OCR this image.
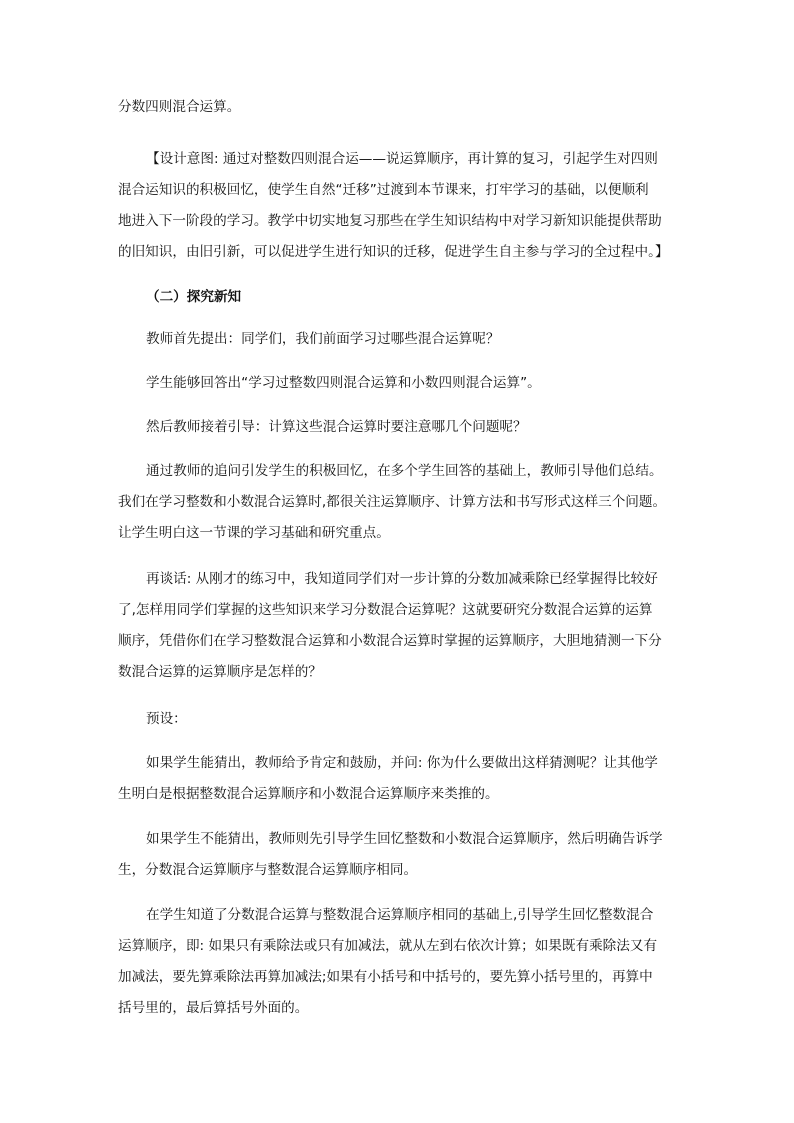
分数四则混合运算。

【设计意图: 通过对整数四则混合运——说运算顺序，再计算的复习，引起学生对四则
混合运知识的积极回忆，使学生自然“迁移”过渡到本节课来，打牢学习的基础，以便顺利
地进入下一阶段的学习。教学中切实地复习那些在学生知识结构中对学习新知识能提供帮助
的旧知识，由旧引新，可以促进学生进行知识的迁移，促进学生自主参与学习的全过程中。】

（二）探究新知

教师首先提出：同学们，我们前面学习过哪些混合运算呢？

学生能够回答出“学习过整数四则混合运算和小数四则混合运算”。

然后教师接着引导：计算这些混合运算时要注意哪几个问题呢？

通过教师的追问引发学生的积极回忆，在多个学生回答的基础上，教师引导他们总结。
我们在学习整数和小数混合运算时,都很关注运算顺序、计算方法和书写形式这样三个问题。
让学生明白这一节课的学习基础和研究重点。

再谈话: 从刚才的练习中，我知道同学们对一步计算的分数加减乘除已经掌握得比较好
了,怎样用同学们掌握的这些知识来学习分数混合运算呢？这就要研究分数混合运算的运算
顺序，凭借你们在学习整数混合运算和小数混合运算时掌握的运算顺序，大胆地猜测一下分
数混合运算的运算顺序是怎样的？

预设：

如果学生能猜出，教师给予肯定和鼓励，并问: 你为什么要做出这样猜测呢？让其他学
生明白是根据整数混合运算顺序和小数混合运算顺序来类推的。

如果学生不能猜出，教师则先引导学生回忆整数和小数混合运算顺序，然后明确告诉学
生，分数混合运算顺序与整数混合运算顺序相同。

在学生知道了分数混合运算与整数混合运算顺序相同的基础上,引导学生回忆整数混合
运算顺序，即: 如果只有乘除法或只有加减法，就从左到右依次计算；如果既有乘除法又有
加减法，要先算乘除法再算加减法;如果有小括号和中括号的，要先算小括号里的，再算中
括号里的，最后算括号外面的。
